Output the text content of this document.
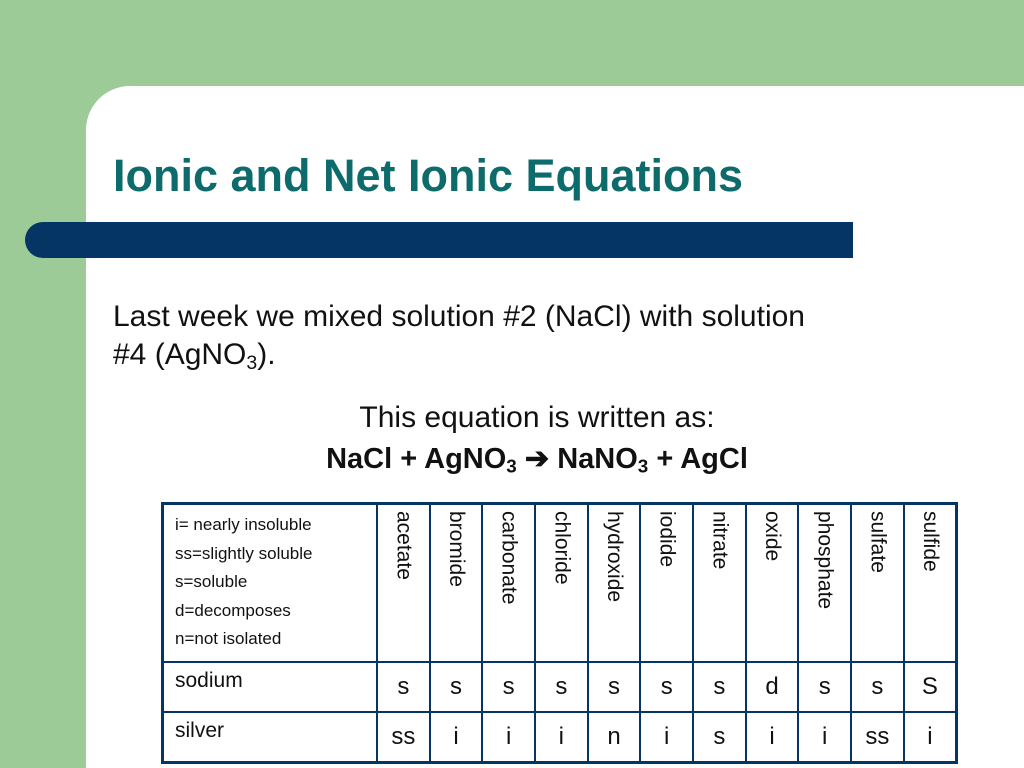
Ionic and Net Ionic Equations
Last week we mixed solution #2 (NaCl) with solution
#4 (AgNO$_3$).
This equation is written as:
NaCl + AgNO$_3$ ➔ NaNO$_3$ + AgCl
i= nearly insoluble
ss=slightly soluble
s=soluble
d=decomposes
n=not isolated	acetate	bromide	carbonate	chloride	hydroxide	iodide	nitrate	oxide	phosphate	sulfate	sulfide

sodium	s	s	s	s	s	s	s	d	s	s	S
silver	ss	i	i	i	n	i	s	i	i	ss	i
